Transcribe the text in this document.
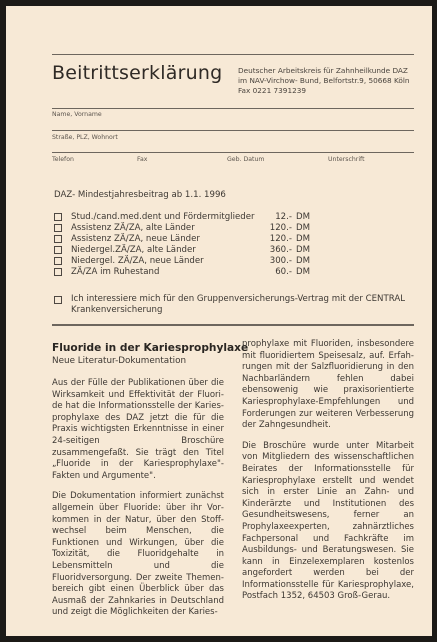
Beitrittserklärung Deutscher Arbeitskreis für Zahnheilkunde DAZ
im NAV-Virchow- Bund, Belfortstr.9, 50668 Köln
Fax 0221 7391239
Name, Vorname
Straße, PLZ, Wohnort
Telefon	Fax	Geb. Datum	Unterschrift
DAZ- Mindestjahresbeitrag ab 1.1. 1996
Stud./cand.med.dent und Fördermitglieder	12.- DM
Assistenz ZÄ/ZA, alte Länder	120.- DM
Assistenz ZÄ/ZA, neue Länder	120.- DM
Niedergel.ZÄ/ZA, alte Länder	360.- DM
Niedergel. ZÄ/ZA, neue Länder	300.- DM
ZÄ/ZA im Ruhestand	60.- DM
Ich interessiere mich für den Gruppenversicherungs-Vertrag mit der CENTRAL Krankenversicherung
Fluoride in der Kariesprophylaxe
Neue Literatur-Dokumentation

Aus der Fülle der Publikationen über die Wirksamkeit und Effektivität der Fluoride hat die Informationsstelle der Kariesprophylaxe des DAZ jetzt die für die Praxis wichtigsten Erkenntnisse in einer 24-seitigen Broschüre zusammengefaßt. Sie trägt den Titel „Fluoride in der Kariesprophylaxe"- Fakten und Argumente".

Die Dokumentation informiert zunächst allgemein über Fluoride: über ihr Vorkommen in der Natur, über den Stoffwechsel beim Menschen, die Funktionen und Wirkungen, über die Toxizität, die Fluoridgehalte in Lebensmitteln und die Fluoridversorgung. Der zweite Themenbereich gibt einen Überblick über das Ausmaß der Zahnkaries in Deutschland und zeigt die Möglichkeiten der Karies-

prophylaxe mit Fluoriden, insbesondere mit fluoridiertem Speisesalz, auf. Erfahrungen mit der Salzfluoridierung in den Nachbarländern fehlen dabei ebensowenig wie praxisorientierte Kariesprophylaxe-Empfehlungen und Forderungen zur weiteren Verbesserung der Zahngesundheit.

Die Broschüre wurde unter Mitarbeit von Mitgliedern des wissenschaftlichen Beirates der Informationsstelle für Kariesprophylaxe erstellt und wendet sich in erster Linie an Zahn- und Kinderärzte und Institutionen des Gesundheitswesens, ferner an Prophylaxeexperten, zahnärztliches Fachpersonal und Fachkräfte im Ausbildungs- und Beratungswesen. Sie kann in Einzelexemplaren kostenlos angefordert werden bei der Informationsstelle für Kariesprophylaxe, Postfach 1352, 64503 Groß-Gerau.
